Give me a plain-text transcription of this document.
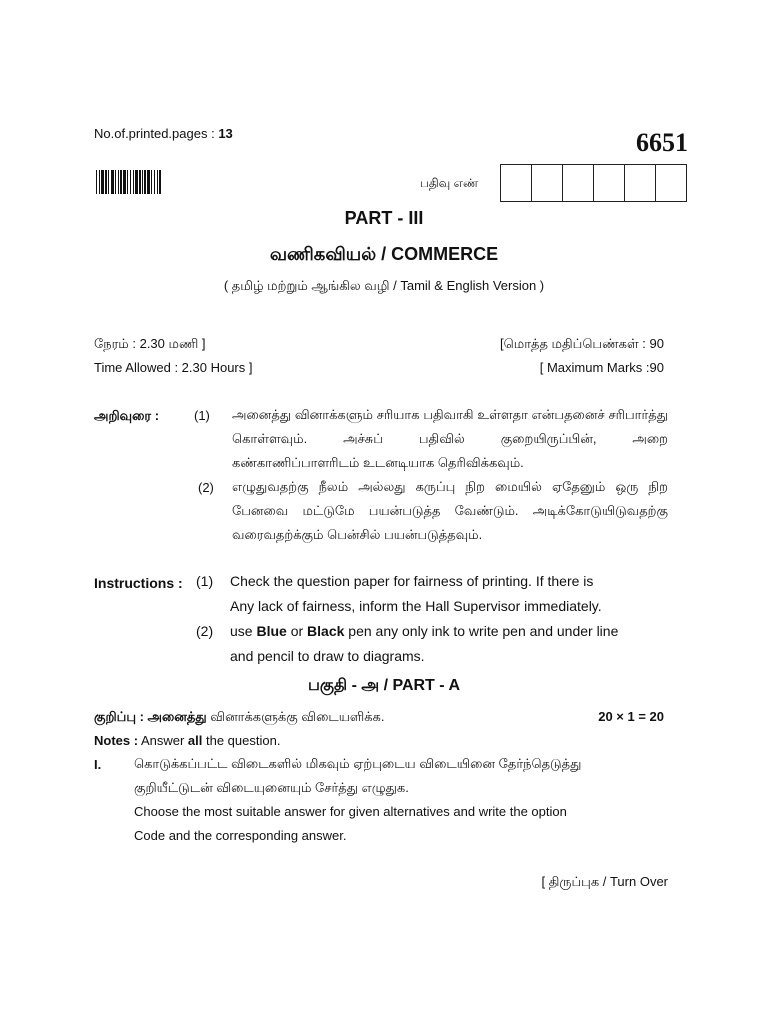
No.of.printed.pages : 13	6651
பதிவு எண்
PART - III
வணிகவியல் / COMMERCE
( தமிழ் மற்றும் ஆங்கில வழி / Tamil & English Version )
நேரம் : 2.30 மணி ]	[மொத்த மதிப்பெண்கள் : 90
Time Allowed : 2.30 Hours ]	[ Maximum Marks :90
அறிவுரை :	(1) அனைத்து வினாக்களும் சரியாக பதிவாகி உள்ளதா என்பதனைச் சரிபார்த்து கொள்ளவும். அச்சுப் பதிவில் குறையிருப்பின், அறை கண்காணிப்பாளரிடம் உடனடியாக தெரிவிக்கவும்.
(2) எழுதுவதற்கு நீலம் அல்லது கருப்பு நிற மையில் ஏதேனும் ஒரு நிற பேனவை மட்டுமே பயன்படுத்த வேண்டும். அடிக்கோடுயிடுவதற்கு வரைவதற்க்கும் பென்சில் பயன்படுத்தவும்.
Instructions : (1)	Check the question paper for fairness of printing. If there is
Any lack of fairness, inform the Hall Supervisor immediately.
(2)	use Blue or Black pen any only ink to write pen and under line
and pencil to draw to diagrams.
பகுதி - அ / PART - A
குறிப்பு : அனைத்து வினாக்களுக்கு விடையளிக்க.	20 × 1 = 20
Notes : Answer all the question.
I.	கொடுக்கப்பட்ட விடைகளில் மிகவும் ஏற்புடைய விடையினை தேர்ந்தெடுத்து
குறியீட்டுடன் விடையுனையும் சேர்த்து எழுதுக.
Choose the most suitable answer for given alternatives and write the option
Code and the corresponding answer.
[ திருப்புக / Turn Over
